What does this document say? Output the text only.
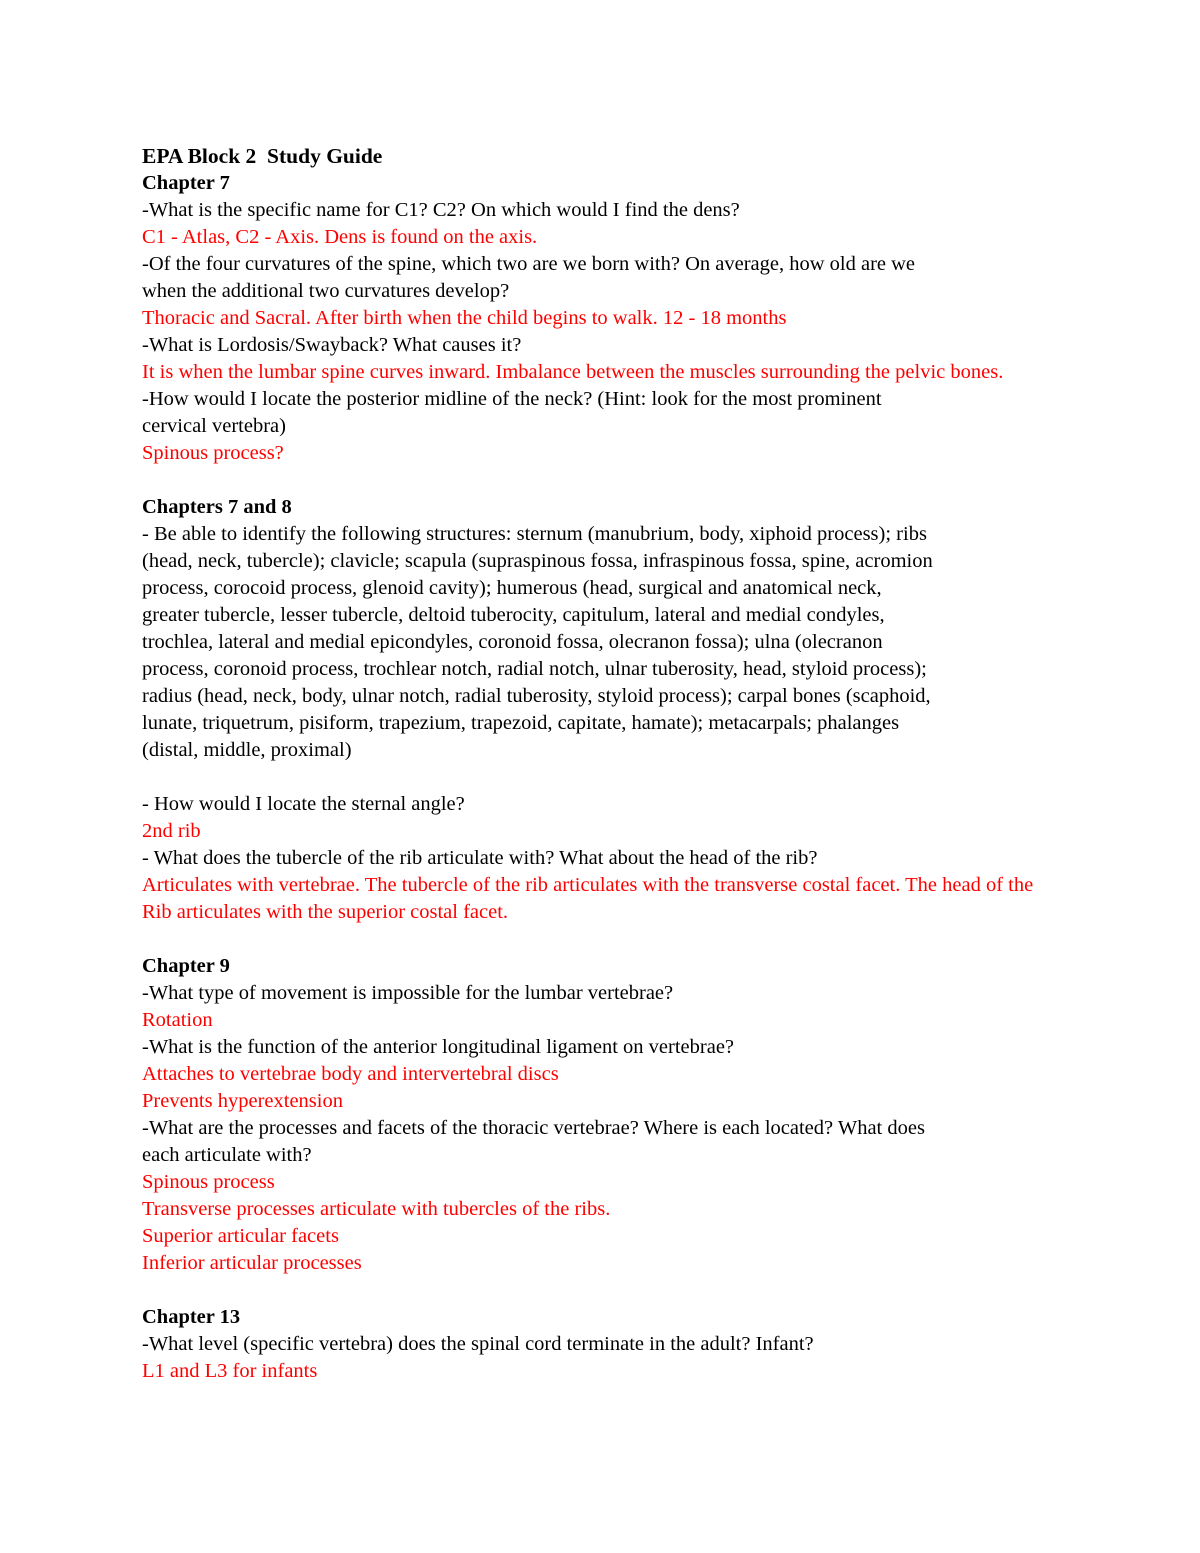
EPA Block 2  Study Guide
Chapter 7
-What is the specific name for C1? C2? On which would I find the dens?
C1 - Atlas, C2 - Axis. Dens is found on the axis.
-Of the four curvatures of the spine, which two are we born with? On average, how old are we
when the additional two curvatures develop?
Thoracic and Sacral. After birth when the child begins to walk. 12 - 18 months
-What is Lordosis/Swayback? What causes it?
It is when the lumbar spine curves inward. Imbalance between the muscles surrounding the pelvic bones.
-How would I locate the posterior midline of the neck? (Hint: look for the most prominent
cervical vertebra)
Spinous process?
Chapters 7 and 8
- Be able to identify the following structures: sternum (manubrium, body, xiphoid process); ribs
(head, neck, tubercle); clavicle; scapula (supraspinous fossa, infraspinous fossa, spine, acromion
process, corocoid process, glenoid cavity); humerous (head, surgical and anatomical neck,
greater tubercle, lesser tubercle, deltoid tuberocity, capitulum, lateral and medial condyles,
trochlea, lateral and medial epicondyles, coronoid fossa, olecranon fossa); ulna (olecranon
process, coronoid process, trochlear notch, radial notch, ulnar tuberosity, head, styloid process);
radius (head, neck, body, ulnar notch, radial tuberosity, styloid process); carpal bones (scaphoid,
lunate, triquetrum, pisiform, trapezium, trapezoid, capitate, hamate); metacarpals; phalanges
(distal, middle, proximal)
- How would I locate the sternal angle?
2nd rib
- What does the tubercle of the rib articulate with? What about the head of the rib?
Articulates with vertebrae. The tubercle of the rib articulates with the transverse costal facet. The head of the
Rib articulates with the superior costal facet.
Chapter 9
-What type of movement is impossible for the lumbar vertebrae?
Rotation
-What is the function of the anterior longitudinal ligament on vertebrae?
Attaches to vertebrae body and intervertebral discs
Prevents hyperextension
-What are the processes and facets of the thoracic vertebrae? Where is each located? What does
each articulate with?
Spinous process
Transverse processes articulate with tubercles of the ribs.
Superior articular facets
Inferior articular processes
Chapter 13
-What level (specific vertebra) does the spinal cord terminate in the adult? Infant?
L1 and L3 for infants
